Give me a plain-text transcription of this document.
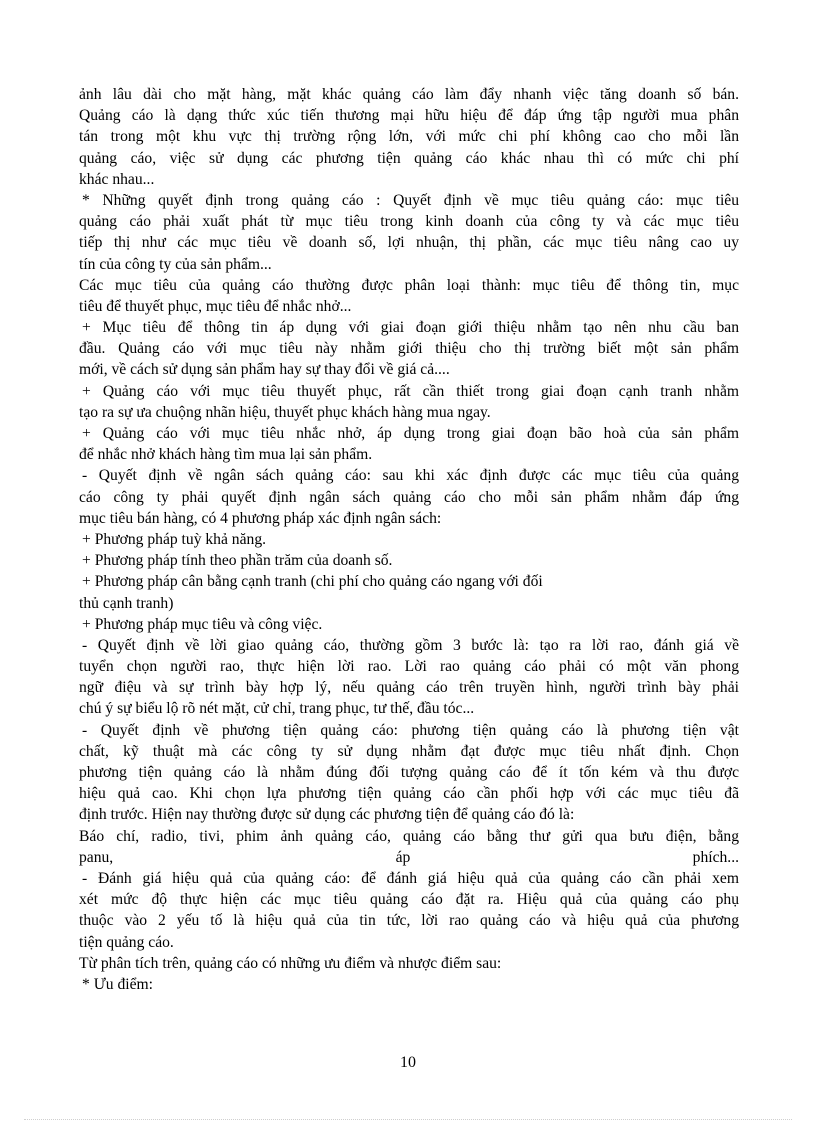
ảnh lâu dài cho mặt hàng, mặt khác quảng cáo làm đẩy nhanh việc tăng doanh số bán.
Quảng cáo là dạng thức xúc tiến thương mại hữu hiệu để đáp ứng tập người mua phân
tán trong một khu vực thị trường rộng lớn, với mức chi phí không cao cho mỗi lần
quảng cáo, việc sử dụng các phương tiện quảng cáo khác nhau thì có mức chi phí
khác nhau...
* Những quyết định trong quảng cáo : Quyết định về mục tiêu quảng cáo: mục tiêu
quảng cáo phải xuất phát từ mục tiêu trong kinh doanh của công ty và các mục tiêu
tiếp thị như các mục tiêu về doanh số, lợi nhuận, thị phần, các mục tiêu nâng cao uy
tín của công ty của sản phẩm...
Các mục tiêu của quảng cáo thường được phân loại thành: mục tiêu để thông tin, mục
tiêu để thuyết phục, mục tiêu để nhắc nhở...
+ Mục tiêu để thông tin áp dụng với giai đoạn giới thiệu nhằm tạo nên nhu cầu ban
đầu. Quảng cáo với mục tiêu này nhằm giới thiệu cho thị trường biết một sản phẩm
mới, về cách sử dụng sản phẩm hay sự thay đổi về giá cả....
+ Quảng cáo với mục tiêu thuyết phục, rất cần thiết trong giai đoạn cạnh tranh nhằm
tạo ra sự ưa chuộng nhãn hiệu, thuyết phục khách hàng mua ngay.
+ Quảng cáo với mục tiêu nhắc nhở, áp dụng trong giai đoạn bão hoà của sản phẩm
để nhắc nhở khách hàng tìm mua lại sản phẩm.
- Quyết định về ngân sách quảng cáo: sau khi xác định được các mục tiêu của quảng
cáo công ty phải quyết định ngân sách quảng cáo cho mỗi sản phẩm nhằm đáp ứng
mục tiêu bán hàng, có 4 phương pháp xác định ngân sách:
+ Phương pháp tuỳ khả năng.
+ Phương pháp tính theo phần trăm của doanh số.
+ Phương pháp cân bằng cạnh tranh (chi phí cho quảng cáo ngang với đối
thủ cạnh tranh)
+ Phương pháp mục tiêu và công việc.
- Quyết định về lời giao quảng cáo, thường gồm 3 bước là: tạo ra lời rao, đánh giá về
tuyển chọn người rao, thực hiện lời rao. Lời rao quảng cáo phải có một văn phong
ngữ điệu và sự trình bày hợp lý, nếu quảng cáo trên truyền hình, người trình bày phải
chú ý sự biểu lộ rõ nét mặt, cử chỉ, trang phục, tư thế, đầu tóc...
- Quyết định về phương tiện quảng cáo: phương tiện quảng cáo là phương tiện vật
chất, kỹ thuật mà các công ty sử dụng nhằm đạt được mục tiêu nhất định. Chọn
phương tiện quảng cáo là nhằm đúng đối tượng quảng cáo để ít tốn kém và thu được
hiệu quả cao. Khi chọn lựa phương tiện quảng cáo cần phối hợp với các mục tiêu đã
định trước. Hiện nay thường được sử dụng các phương tiện để quảng cáo đó là:
Báo chí, radio, tivi, phim ảnh quảng cáo, quảng cáo bằng thư gửi qua bưu điện, bằng
panu, áp phích...
- Đánh giá hiệu quả của quảng cáo: để đánh giá hiệu quả của quảng cáo cần phải xem
xét mức độ thực hiện các mục tiêu quảng cáo đặt ra. Hiệu quả của quảng cáo phụ
thuộc vào 2 yếu tố là hiệu quả của tin tức, lời rao quảng cáo và hiệu quả của phương
tiện quảng cáo.
Từ phân tích trên, quảng cáo có những ưu điểm và nhược điểm sau:
* Ưu điểm:
10
